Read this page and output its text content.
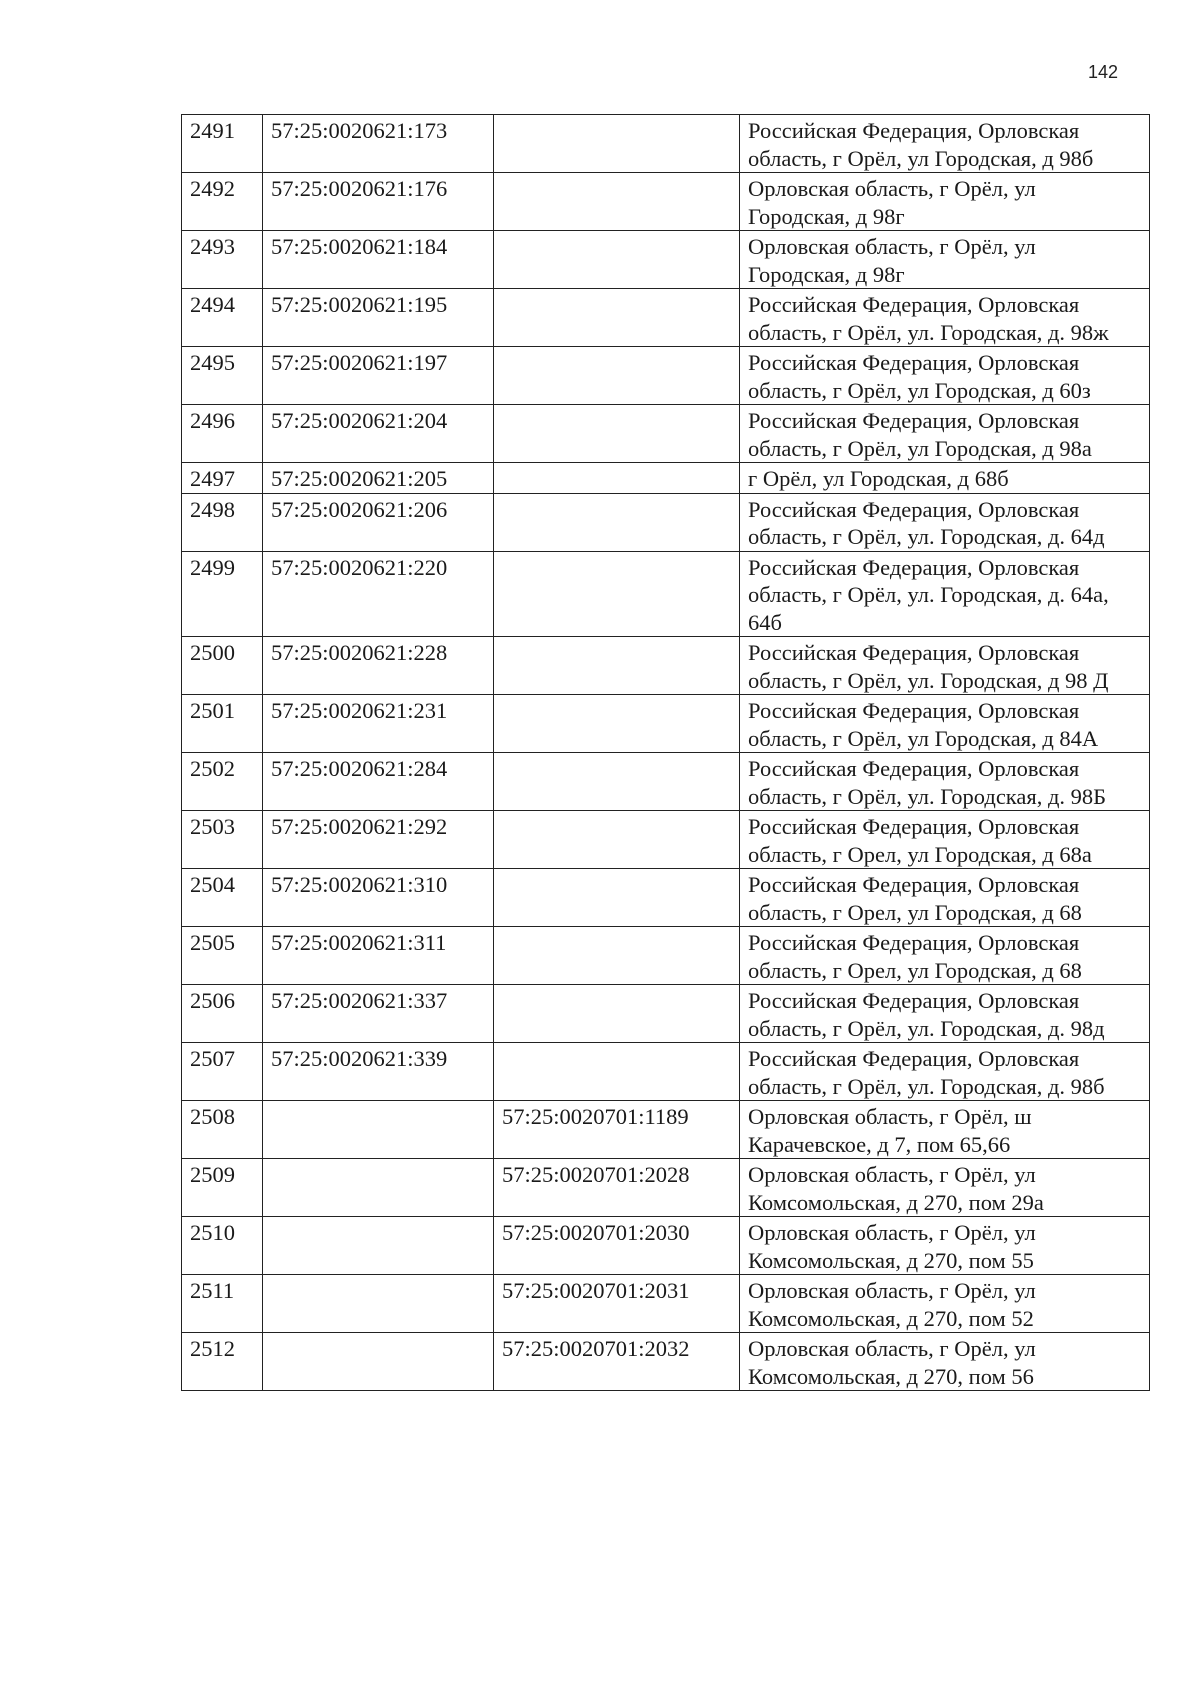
142
2491	57:25:0020621:173		Российская Федерация, Орловская область, г Орёл, ул Городская, д 98б
2492	57:25:0020621:176		Орловская область, г Орёл, ул Городская, д 98г
2493	57:25:0020621:184		Орловская область, г Орёл, ул Городская, д 98г
2494	57:25:0020621:195		Российская Федерация, Орловская область, г Орёл, ул. Городская, д. 98ж
2495	57:25:0020621:197		Российская Федерация, Орловская область, г Орёл, ул Городская, д 60з
2496	57:25:0020621:204		Российская Федерация, Орловская область, г Орёл, ул Городская, д 98а
2497	57:25:0020621:205		г Орёл, ул Городская, д 68б
2498	57:25:0020621:206		Российская Федерация, Орловская область, г Орёл, ул. Городская, д. 64д
2499	57:25:0020621:220		Российская Федерация, Орловская область, г Орёл, ул. Городская, д. 64а, 64б
2500	57:25:0020621:228		Российская Федерация, Орловская область, г Орёл, ул. Городская, д 98 Д
2501	57:25:0020621:231		Российская Федерация, Орловская область, г Орёл, ул Городская, д 84А
2502	57:25:0020621:284		Российская Федерация, Орловская область, г Орёл, ул. Городская, д. 98Б
2503	57:25:0020621:292		Российская Федерация, Орловская область, г Орел, ул Городская, д 68а
2504	57:25:0020621:310		Российская Федерация, Орловская область, г Орел, ул Городская, д 68
2505	57:25:0020621:311		Российская Федерация, Орловская область, г Орел, ул Городская, д 68
2506	57:25:0020621:337		Российская Федерация, Орловская область, г Орёл, ул. Городская, д. 98д
2507	57:25:0020621:339		Российская Федерация, Орловская область, г Орёл, ул. Городская, д. 98б
2508		57:25:0020701:1189	Орловская область, г Орёл, ш Карачевское, д 7, пом 65,66
2509		57:25:0020701:2028	Орловская область, г Орёл, ул Комсомольская, д 270, пом 29а
2510		57:25:0020701:2030	Орловская область, г Орёл, ул Комсомольская, д 270, пом 55
2511		57:25:0020701:2031	Орловская область, г Орёл, ул Комсомольская, д 270, пом 52
2512		57:25:0020701:2032	Орловская область, г Орёл, ул Комсомольская, д 270, пом 56
